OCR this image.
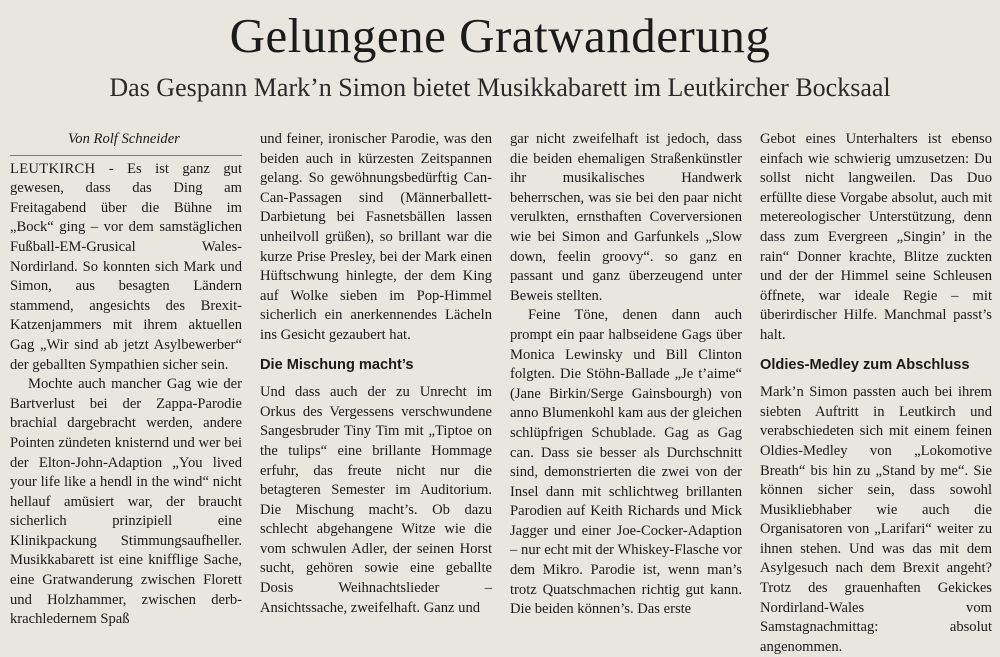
Gelungene Gratwanderung
Das Gespann Mark’n Simon bietet Musikkabarett im Leutkircher Bocksaal
Von Rolf Schneider

LEUTKIRCH - Es ist ganz gut gewesen, dass das Ding am Freitagabend über die Bühne im „Bock“ ging – vor dem samstäglichen Fußball-EM-Grusical Wales-Nordirland. So konnten sich Mark und Simon, aus besagten Ländern stammend, angesichts des Brexit-Katzenjammers mit ihrem aktuellen Gag „Wir sind ab jetzt Asylbewerber“ der geballten Sympathien sicher sein.

Mochte auch mancher Gag wie der Bartverlust bei der Zappa-Parodie brachial dargebracht werden, andere Pointen zündeten knisternd und wer bei der Elton-John-Adaption „You lived your life like a hendl in the wind“ nicht hellauf amüsiert war, der braucht sicherlich prinzipiell eine Klinikpackung Stimmungsaufheller. Musikkabarett ist eine knifflige Sache, eine Gratwanderung zwischen Florett und Holzhammer, zwischen derb-krachledernem Spaß

und feiner, ironischer Parodie, was den beiden auch in kürzesten Zeitspannen gelang. So gewöhnungsbedürftig Can-Can-Passagen sind (Männerballett-Darbietung bei Fasnetsbällen lassen unheilvoll grüßen), so brillant war die kurze Prise Presley, bei der Mark einen Hüftschwung hinlegte, der dem King auf Wolke sieben im Pop-Himmel sicherlich ein anerkennendes Lächeln ins Gesicht gezaubert hat.

Die Mischung macht’s

Und dass auch der zu Unrecht im Orkus des Vergessens verschwundene Sangesbruder Tiny Tim mit „Tiptoe on the tulips“ eine brillante Hommage erfuhr, das freute nicht nur die betagteren Semester im Auditorium. Die Mischung macht’s. Ob dazu schlecht abgehangene Witze wie die vom schwulen Adler, der seinen Horst sucht, gehören sowie eine geballte Dosis Weihnachtslieder – Ansichtssache, zweifelhaft. Ganz und

gar nicht zweifelhaft ist jedoch, dass die beiden ehemaligen Straßenkünstler ihr musikalisches Handwerk beherrschen, was sie bei den paar nicht verulkten, ernsthaften Coverversionen wie bei Simon and Garfunkels „Slow down, feelin groovy“. so ganz en passant und ganz überzeugend unter Beweis stellten.

Feine Töne, denen dann auch prompt ein paar halbseidene Gags über Monica Lewinsky und Bill Clinton folgten. Die Stöhn-Ballade „Je t’aime“ (Jane Birkin/Serge Gainsbourgh) von anno Blumenkohl kam aus der gleichen schlüpfrigen Schublade. Gag as Gag can. Dass sie besser als Durchschnitt sind, demonstrierten die zwei von der Insel dann mit schlichtweg brillanten Parodien auf Keith Richards und Mick Jagger und einer Joe-Cocker-Adaption – nur echt mit der Whiskey-Flasche vor dem Mikro. Parodie ist, wenn man’s trotz Quatschmachen richtig gut kann. Die beiden können’s. Das erste

Gebot eines Unterhalters ist ebenso einfach wie schwierig umzusetzen: Du sollst nicht langweilen. Das Duo erfüllte diese Vorgabe absolut, auch mit metereologischer Unterstützung, denn dass zum Evergreen „Singin’ in the rain“ Donner krachte, Blitze zuckten und der der Himmel seine Schleusen öffnete, war ideale Regie – mit überirdischer Hilfe. Manchmal passt’s halt.

Oldies-Medley zum Abschluss

Mark’n Simon passten auch bei ihrem siebten Auftritt in Leutkirch und verabschiedeten sich mit einem feinen Oldies-Medley von „Lokomotive Breath“ bis hin zu „Stand by me“. Sie können sicher sein, dass sowohl Musikliebhaber wie auch die Organisatoren von „Larifari“ weiter zu ihnen stehen. Und was das mit dem Asylgesuch nach dem Brexit angeht? Trotz des grauenhaften Gekickes Nordirland-Wales vom Samstagnachmittag: absolut angenommen.
